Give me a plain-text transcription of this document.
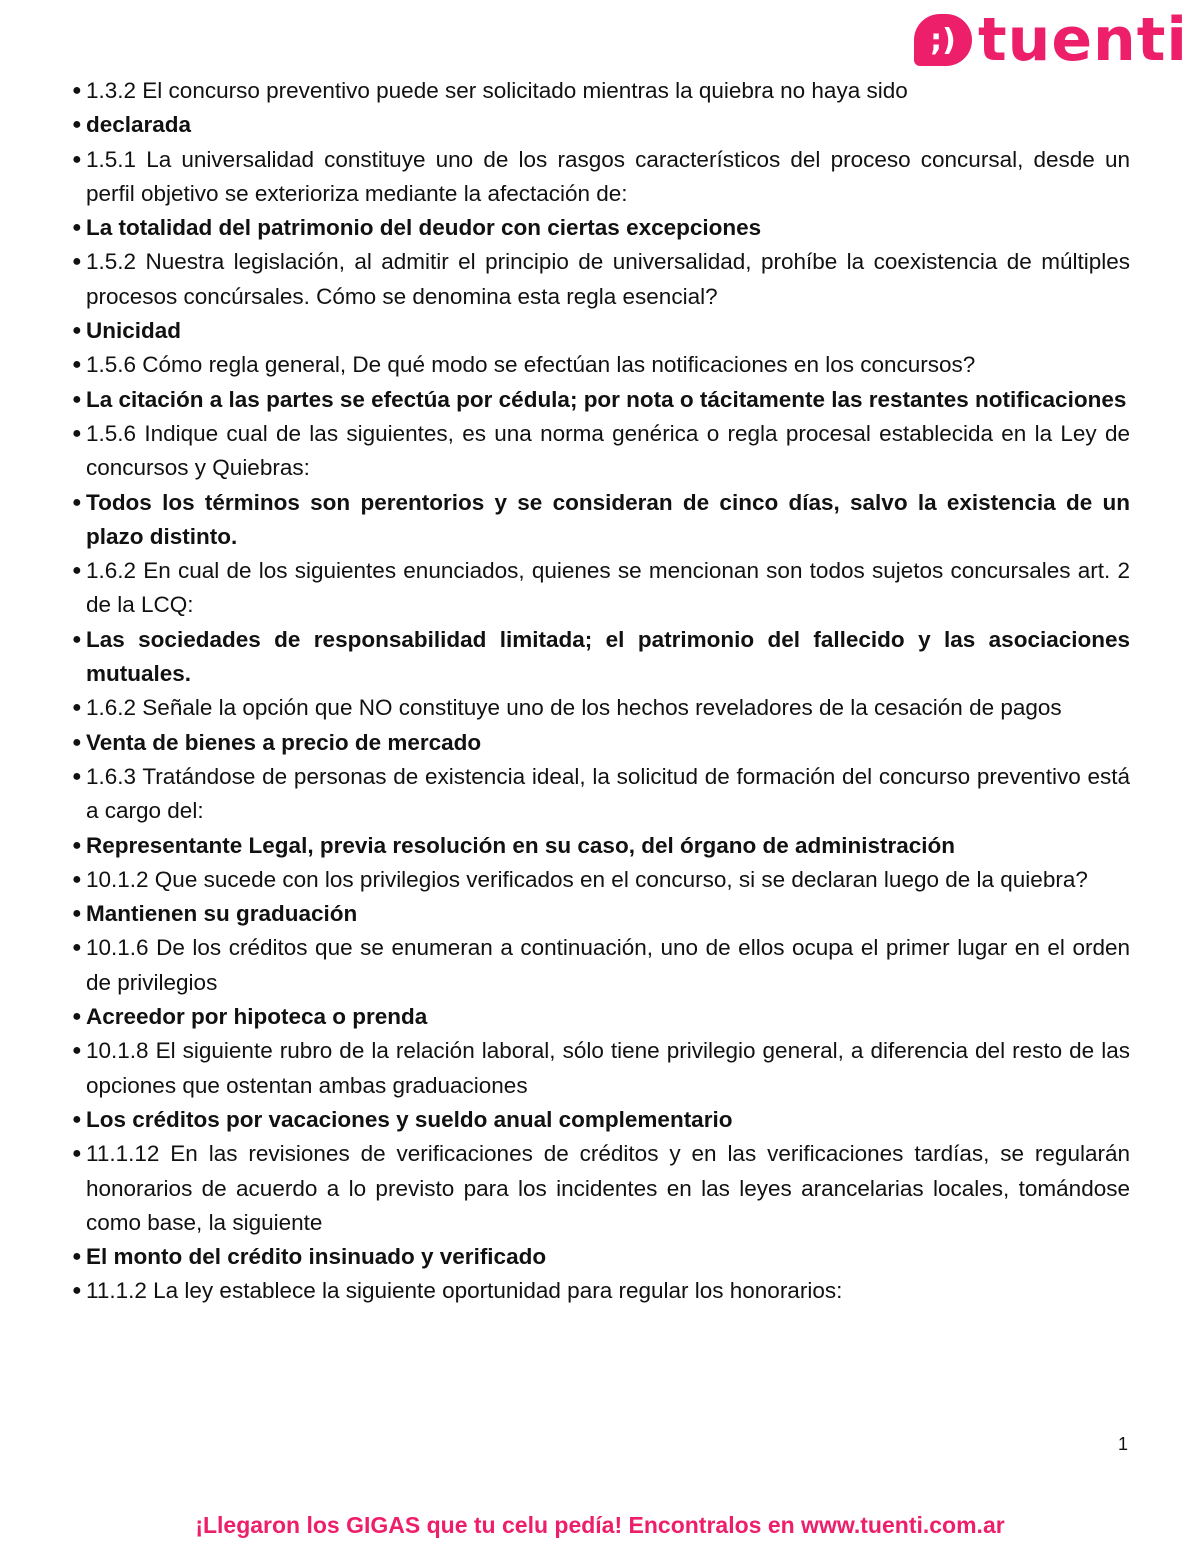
;) tuenti
● 1.3.2 El concurso preventivo puede ser solicitado mientras la quiebra no haya sido
● declarada
● 1.5.1 La universalidad constituye uno de los rasgos característicos del proceso concursal, desde un perfil objetivo se exterioriza mediante la afectación de:
● La totalidad del patrimonio del deudor con ciertas excepciones
● 1.5.2 Nuestra legislación, al admitir el principio de universalidad, prohíbe la coexistencia de múltiples procesos concúrsales. Cómo se denomina esta regla esencial?
● Unicidad
● 1.5.6 Cómo regla general, De qué modo se efectúan las notificaciones en los concursos?
● La citación a las partes se efectúa por cédula; por nota o tácitamente las restantes notificaciones
● 1.5.6 Indique cual de las siguientes, es una norma genérica o regla procesal establecida en la Ley de concursos y Quiebras:
● Todos los términos son perentorios y se consideran de cinco días, salvo la existencia de un plazo distinto.
● 1.6.2 En cual de los siguientes enunciados, quienes se mencionan son todos sujetos concursales art. 2 de la LCQ:
● Las sociedades de responsabilidad limitada; el patrimonio del fallecido y las asociaciones mutuales.
● 1.6.2 Señale la opción que NO constituye uno de los hechos reveladores de la cesación de pagos
● Venta de bienes a precio de mercado
● 1.6.3 Tratándose de personas de existencia ideal, la solicitud de formación del concurso preventivo está a cargo del:
● Representante Legal, previa resolución en su caso, del órgano de administración
● 10.1.2 Que sucede con los privilegios verificados en el concurso, si se declaran luego de la quiebra?
● Mantienen su graduación
● 10.1.6 De los créditos que se enumeran a continuación, uno de ellos ocupa el primer lugar en el orden de privilegios
● Acreedor por hipoteca o prenda
● 10.1.8 El siguiente rubro de la relación laboral, sólo tiene privilegio general, a diferencia del resto de las opciones que ostentan ambas graduaciones
● Los créditos por vacaciones y sueldo anual complementario
● 11.1.12 En las revisiones de verificaciones de créditos y en las verificaciones tardías, se regularán honorarios de acuerdo a lo previsto para los incidentes en las leyes arancelarias locales, tomándose como base, la siguiente
● El monto del crédito insinuado y verificado
● 11.1.2 La ley establece la siguiente oportunidad para regular los honorarios:
1
¡Llegaron los GIGAS que tu celu pedía! Encontralos en www.tuenti.com.ar
